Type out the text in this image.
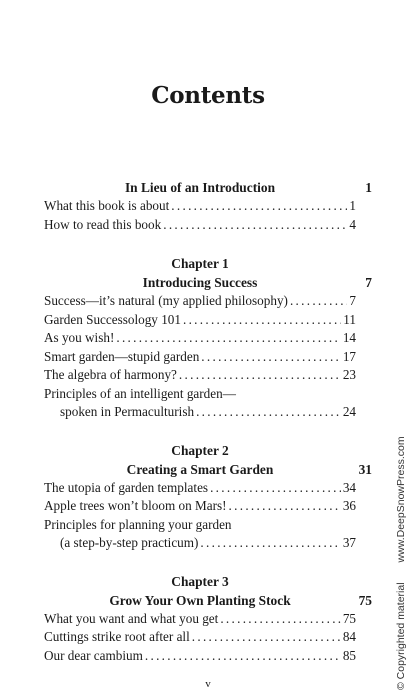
Contents
In Lieu of an Introduction	1
What this book is about . . .	1
How to read this book . . .	4
Chapter 1
Introducing Success	7
Success—it’s natural (my applied philosophy) . . .	7
Garden Successology 101 . . .	11
As you wish! . . .	14
Smart garden—stupid garden . . .	17
The algebra of harmony? . . .	23
Principles of an intelligent garden—
spoken in Permaculturish . . .	24
Chapter 2
Creating a Smart Garden	31
The utopia of garden templates . . .	34
Apple trees won’t bloom on Mars! . . .	36
Principles for planning your garden
(a step-by-step practicum) . . .	37
Chapter 3
Grow Your Own Planting Stock	75
What you want and what you get . . .	75
Cuttings strike root after all . . .	84
Our dear cambium . . .	85
v	© Copyrighted materialwww.DeepSnowPress.com
